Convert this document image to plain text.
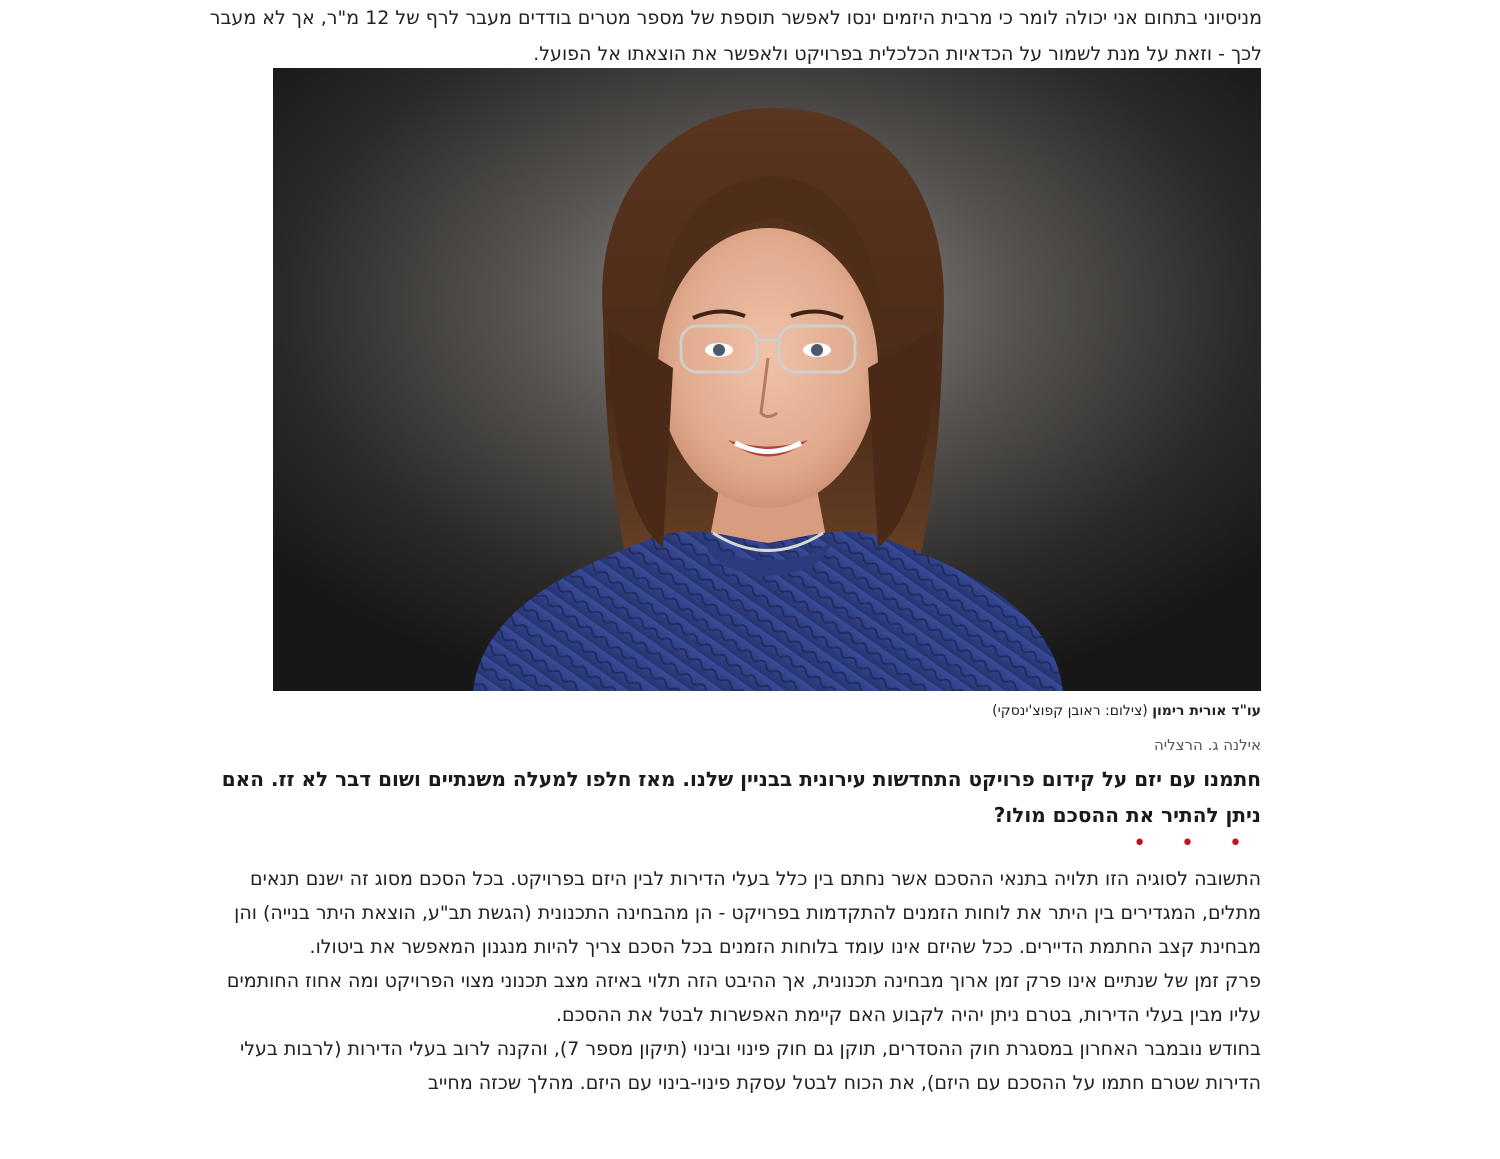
מניסיוני בתחום אני יכולה לומר כי מרבית היזמים ינסו לאפשר תוספת של מספר מטרים בודדים מעבר לרף של 12 מ"ר, אך לא מעבר לכך - וזאת על מנת לשמור על הכדאיות הכלכלית בפרויקט ולאפשר את הוצאתו אל הפועל.
עו"ד אורית רימון (צילום: ראובן קפוצ'ינסקי)
אילנה ג. הרצליה
חתמנו עם יזם על קידום פרויקט התחדשות עירונית בבניין שלנו. מאז חלפו למעלה משנתיים ושום דבר לא זז. האם ניתן להתיר את ההסכם מולו?
• • •

התשובה לסוגיה הזו תלויה בתנאי ההסכם אשר נחתם בין כלל בעלי הדירות לבין היזם בפרויקט. בכל הסכם מסוג זה ישנם תנאים מתלים, המגדירים בין היתר את לוחות הזמנים להתקדמות בפרויקט - הן מהבחינה התכנונית (הגשת תב"ע, הוצאת היתר בנייה) והן מבחינת קצב החתמת הדיירים. ככל שהיזם אינו עומד בלוחות הזמנים בכל הסכם צריך להיות מנגנון המאפשר את ביטולו.

פרק זמן של שנתיים אינו פרק זמן ארוך מבחינה תכנונית, אך ההיבט הזה תלוי באיזה מצב תכנוני מצוי הפרויקט ומה אחוז החותמים עליו מבין בעלי הדירות, בטרם ניתן יהיה לקבוע האם קיימת האפשרות לבטל את ההסכם.

בחודש נובמבר האחרון במסגרת חוק ההסדרים, תוקן גם חוק פינוי ובינוי (תיקון מספר 7), והקנה לרוב בעלי הדירות (לרבות בעלי הדירות שטרם חתמו על ההסכם עם היזם), את הכוח לבטל עסקת פינוי-בינוי עם היזם. מהלך שכזה מחייב
